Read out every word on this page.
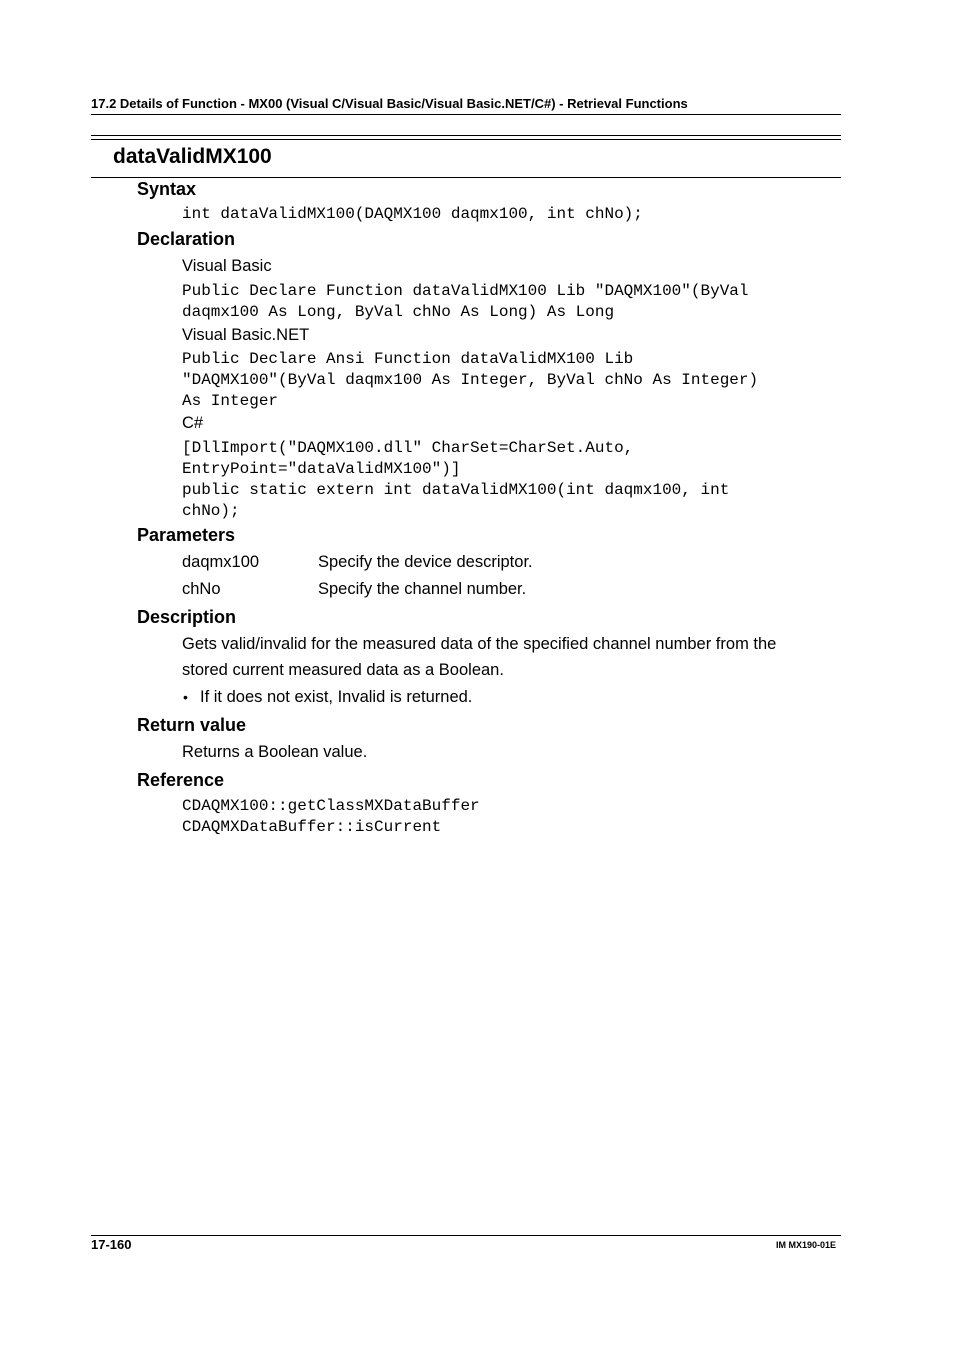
17.2 Details of Function - MX00 (Visual C/Visual Basic/Visual Basic.NET/C#) - Retrieval Functions
dataValidMX100
Syntax
int dataValidMX100(DAQMX100 daqmx100, int chNo);
Declaration
Visual Basic
Public Declare Function dataValidMX100 Lib "DAQMX100"(ByVal
daqmx100 As Long, ByVal chNo As Long) As Long
Visual Basic.NET
Public Declare Ansi Function dataValidMX100 Lib
"DAQMX100"(ByVal daqmx100 As Integer, ByVal chNo As Integer)
As Integer
C#
[DllImport("DAQMX100.dll" CharSet=CharSet.Auto,
EntryPoint="dataValidMX100")]
public static extern int dataValidMX100(int daqmx100, int
chNo);
Parameters
daqmx100	Specify the device descriptor.
chNo	Specify the channel number.
Description
Gets valid/invalid for the measured data of the specified channel number from the
stored current measured data as a Boolean.
• If it does not exist, Invalid is returned.
Return value
Returns a Boolean value.
Reference
CDAQMX100::getClassMXDataBuffer
CDAQMXDataBuffer::isCurrent
17-160	IM MX190-01E
